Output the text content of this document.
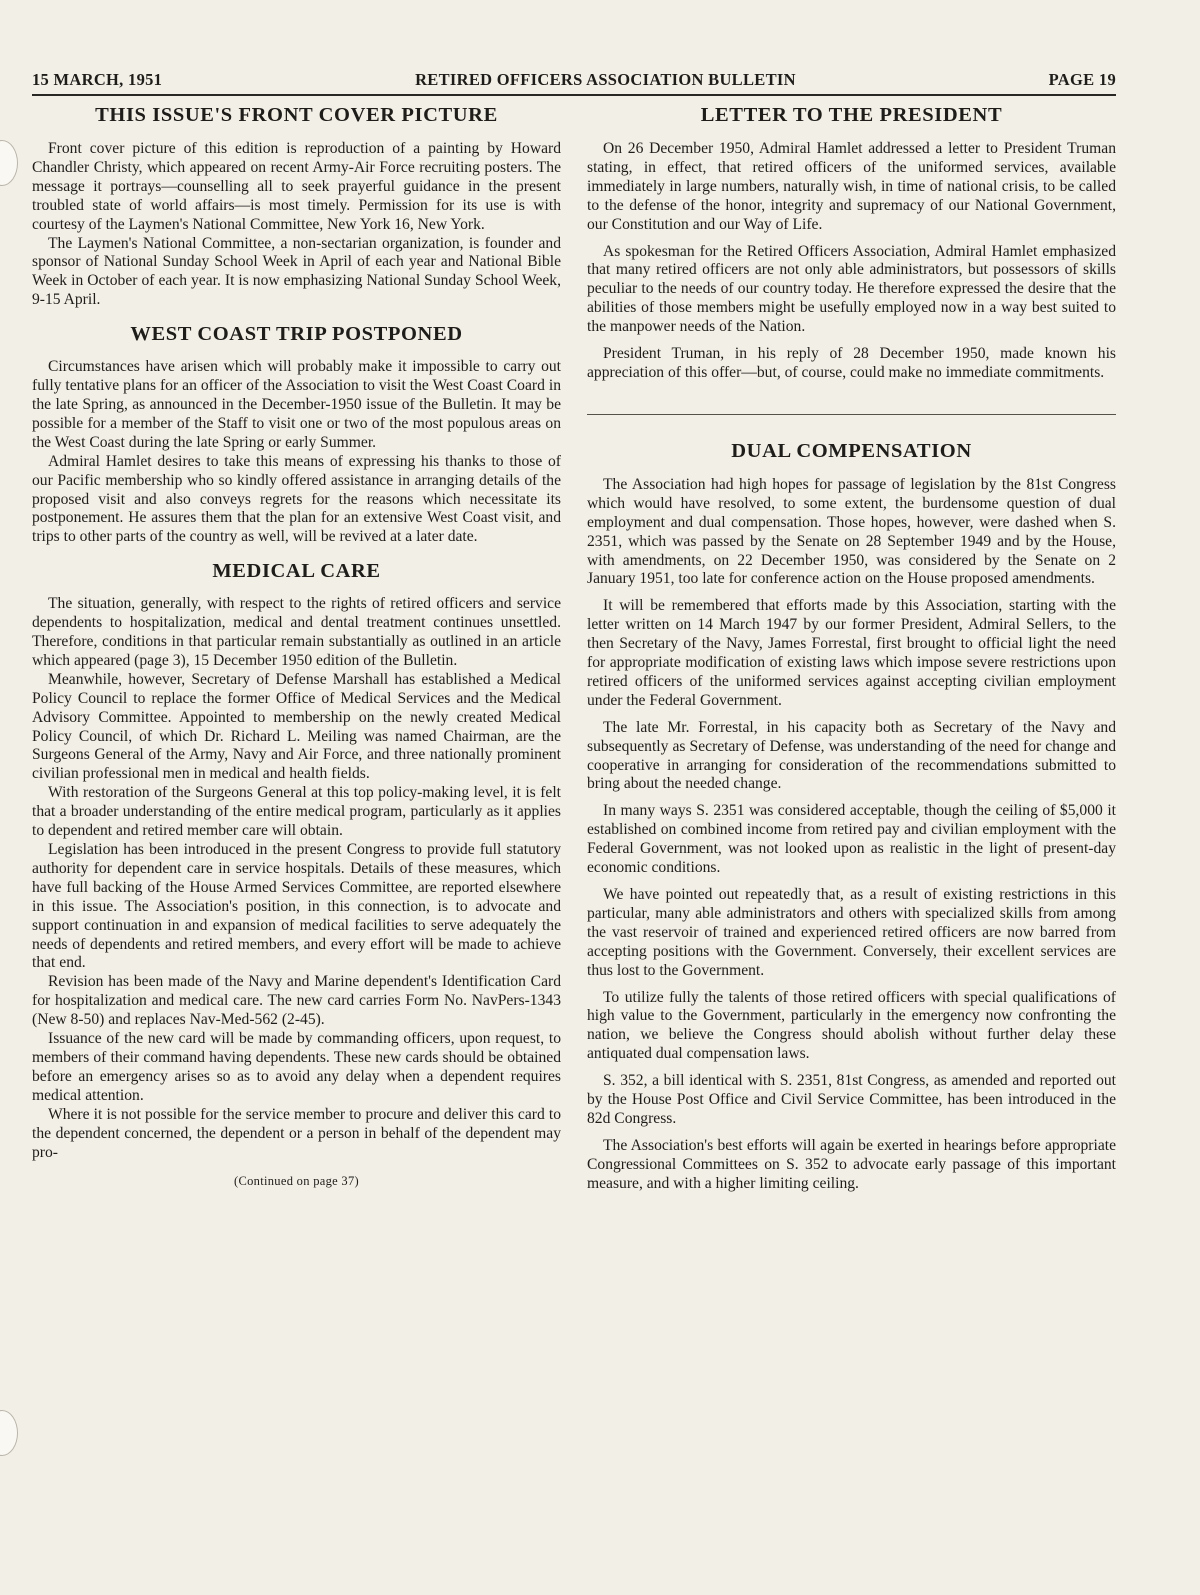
15 MARCH, 1951	RETIRED OFFICERS ASSOCIATION BULLETIN	PAGE 19
THIS ISSUE'S FRONT COVER PICTURE

Front cover picture of this edition is reproduction of a painting by Howard Chandler Christy, which appeared on recent Army-Air Force recruiting posters. The message it portrays—counselling all to seek prayerful guidance in the present troubled state of world affairs—is most timely. Permission for its use is with courtesy of the Laymen's National Committee, New York 16, New York.

The Laymen's National Committee, a non-sectarian organization, is founder and sponsor of National Sunday School Week in April of each year and National Bible Week in October of each year. It is now emphasizing National Sunday School Week, 9-15 April.

WEST COAST TRIP POSTPONED

Circumstances have arisen which will probably make it impossible to carry out fully tentative plans for an officer of the Association to visit the West Coast Coard in the late Spring, as announced in the December-1950 issue of the Bulletin. It may be possible for a member of the Staff to visit one or two of the most populous areas on the West Coast during the late Spring or early Summer.

Admiral Hamlet desires to take this means of expressing his thanks to those of our Pacific membership who so kindly offered assistance in arranging details of the proposed visit and also conveys regrets for the reasons which necessitate its postponement. He assures them that the plan for an extensive West Coast visit, and trips to other parts of the country as well, will be revived at a later date.

MEDICAL CARE

The situation, generally, with respect to the rights of retired officers and service dependents to hospitalization, medical and dental treatment continues unsettled. Therefore, conditions in that particular remain substantially as outlined in an article which appeared (page 3), 15 December 1950 edition of the Bulletin.

Meanwhile, however, Secretary of Defense Marshall has established a Medical Policy Council to replace the former Office of Medical Services and the Medical Advisory Committee. Appointed to membership on the newly created Medical Policy Council, of which Dr. Richard L. Meiling was named Chairman, are the Surgeons General of the Army, Navy and Air Force, and three nationally prominent civilian professional men in medical and health fields.

With restoration of the Surgeons General at this top policy-making level, it is felt that a broader understanding of the entire medical program, particularly as it applies to dependent and retired member care will obtain.

Legislation has been introduced in the present Congress to provide full statutory authority for dependent care in service hospitals. Details of these measures, which have full backing of the House Armed Services Committee, are reported elsewhere in this issue. The Association's position, in this connection, is to advocate and support continuation in and expansion of medical facilities to serve adequately the needs of dependents and retired members, and every effort will be made to achieve that end.

Revision has been made of the Navy and Marine dependent's Identification Card for hospitalization and medical care. The new card carries Form No. NavPers-1343 (New 8-50) and replaces Nav-Med-562 (2-45).

Issuance of the new card will be made by commanding officers, upon request, to members of their command having dependents. These new cards should be obtained before an emergency arises so as to avoid any delay when a dependent requires medical attention.

Where it is not possible for the service member to procure and deliver this card to the dependent concerned, the dependent or a person in behalf of the dependent may pro-

(Continued on page 37)
LETTER TO THE PRESIDENT

On 26 December 1950, Admiral Hamlet addressed a letter to President Truman stating, in effect, that retired officers of the uniformed services, available immediately in large numbers, naturally wish, in time of national crisis, to be called to the defense of the honor, integrity and supremacy of our National Government, our Constitution and our Way of Life.

As spokesman for the Retired Officers Association, Admiral Hamlet emphasized that many retired officers are not only able administrators, but possessors of skills peculiar to the needs of our country today. He therefore expressed the desire that the abilities of those members might be usefully employed now in a way best suited to the manpower needs of the Nation.

President Truman, in his reply of 28 December 1950, made known his appreciation of this offer—but, of course, could make no immediate commitments.

DUAL COMPENSATION

The Association had high hopes for passage of legislation by the 81st Congress which would have resolved, to some extent, the burdensome question of dual employment and dual compensation. Those hopes, however, were dashed when S. 2351, which was passed by the Senate on 28 September 1949 and by the House, with amendments, on 22 December 1950, was considered by the Senate on 2 January 1951, too late for conference action on the House proposed amendments.

It will be remembered that efforts made by this Association, starting with the letter written on 14 March 1947 by our former President, Admiral Sellers, to the then Secretary of the Navy, James Forrestal, first brought to official light the need for appropriate modification of existing laws which impose severe restrictions upon retired officers of the uniformed services against accepting civilian employment under the Federal Government.

The late Mr. Forrestal, in his capacity both as Secretary of the Navy and subsequently as Secretary of Defense, was understanding of the need for change and cooperative in arranging for consideration of the recommendations submitted to bring about the needed change.

In many ways S. 2351 was considered acceptable, though the ceiling of $5,000 it established on combined income from retired pay and civilian employment with the Federal Government, was not looked upon as realistic in the light of present-day economic conditions.

We have pointed out repeatedly that, as a result of existing restrictions in this particular, many able administrators and others with specialized skills from among the vast reservoir of trained and experienced retired officers are now barred from accepting positions with the Government. Conversely, their excellent services are thus lost to the Government.

To utilize fully the talents of those retired officers with special qualifications of high value to the Government, particularly in the emergency now confronting the nation, we believe the Congress should abolish without further delay these antiquated dual compensation laws.

S. 352, a bill identical with S. 2351, 81st Congress, as amended and reported out by the House Post Office and Civil Service Committee, has been introduced in the 82d Congress.

The Association's best efforts will again be exerted in hearings before appropriate Congressional Committees on S. 352 to advocate early passage of this important measure, and with a higher limiting ceiling.
